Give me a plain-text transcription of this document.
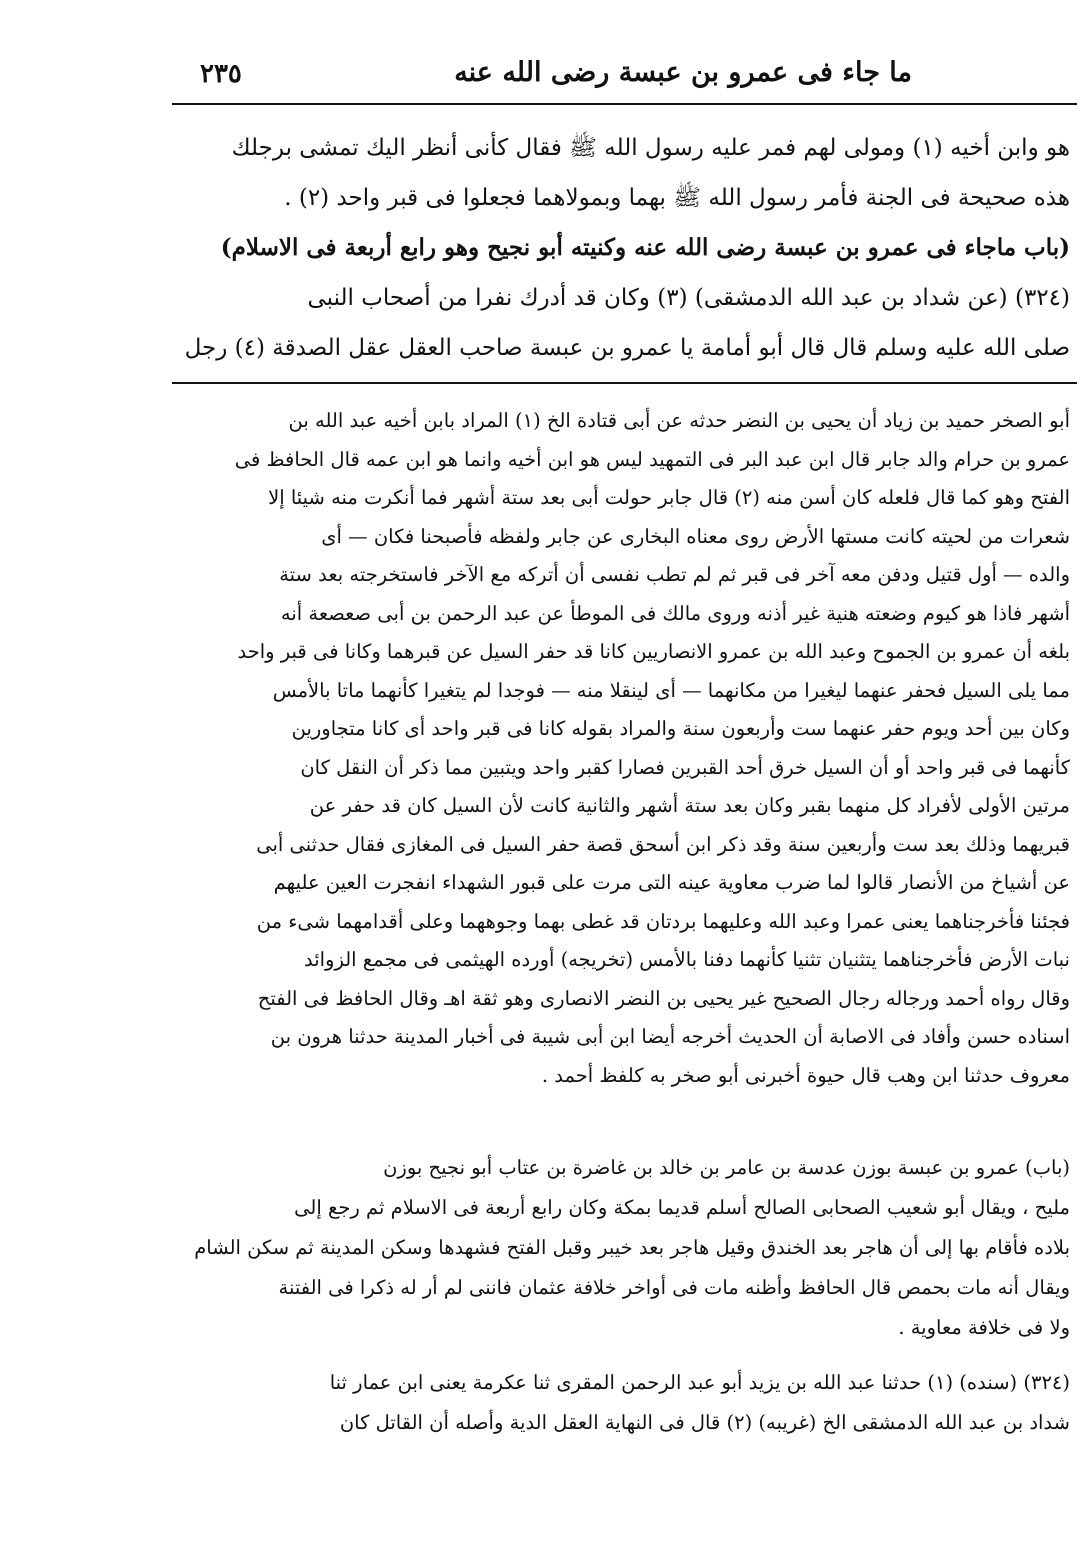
٢٣٥	ما جاء فى عمرو بن عبسة رضى الله عنه
هو وابن أخيه (١) ومولى لهم فمر عليه رسول الله ﷺ فقال كأنى أنظر اليك تمشى برجلك
هذه صحيحة فى الجنة فأمر رسول الله ﷺ بهما وبمولاهما فجعلوا فى قبر واحد (٢) .
(باب ماجاء فى عمرو بن عبسة رضى الله عنه وكنيته أبو نجيح وهو رابع أربعة فى الاسلام)
(٣٢٤) (عن شداد بن عبد الله الدمشقى) (٣) وكان قد أدرك نفرا من أصحاب النبى
صلى الله عليه وسلم قال قال أبو أمامة يا عمرو بن عبسة صاحب العقل عقل الصدقة (٤) رجل
أبو الصخر حميد بن زياد أن يحيى بن النضر حدثه عن أبى قتادة الخ (١) المراد بابن أخيه عبد الله بن
عمرو بن حرام والد جابر قال ابن عبد البر فى التمهيد ليس هو ابن أخيه وانما هو ابن عمه قال الحافظ فى
الفتح وهو كما قال فلعله كان أسن منه (٢) قال جابر حولت أبى بعد ستة أشهر فما أنكرت منه شيئا إلا
شعرات من لحيته كانت مستها الأرض روى معناه البخارى عن جابر ولفظه فأصبحنا فكان — أى
والده — أول قتيل ودفن معه آخر فى قبر ثم لم تطب نفسى أن أتركه مع الآخر فاستخرجته بعد ستة
أشهر فاذا هو كيوم وضعته هنية غير أذنه وروى مالك فى الموطأ عن عبد الرحمن بن أبى صعصعة أنه
بلغه أن عمرو بن الجموح وعبد الله بن عمرو الانصاريين كانا قد حفر السيل عن قبرهما وكانا فى قبر واحد
مما يلى السيل فحفر عنهما ليغيرا من مكانهما — أى لينقلا منه — فوجدا لم يتغيرا كأنهما ماتا بالأمس
وكان بين أحد ويوم حفر عنهما ست وأربعون سنة والمراد بقوله كانا فى قبر واحد أى كانا متجاورين
كأنهما فى قبر واحد أو أن السيل خرق أحد القبرين فصارا كقبر واحد ويتبين مما ذكر أن النقل كان
مرتين الأولى لأفراد كل منهما بقبر وكان بعد ستة أشهر والثانية كانت لأن السيل كان قد حفر عن
قبريهما وذلك بعد ست وأربعين سنة وقد ذكر ابن أسحق قصة حفر السيل فى المغازى فقال حدثنى أبى
عن أشياخ من الأنصار قالوا لما ضرب معاوية عينه التى مرت على قبور الشهداء انفجرت العين عليهم
فجئنا فأخرجناهما يعنى عمرا وعبد الله وعليهما بردتان قد غطى بهما وجوههما وعلى أقدامهما شىء من
نبات الأرض فأخرجناهما يتثنيان تثنيا كأنهما دفنا بالأمس (تخريجه) أورده الهيثمى فى مجمع الزوائد
وقال رواه أحمد ورجاله رجال الصحيح غير يحيى بن النضر الانصارى وهو ثقة اهـ وقال الحافظ فى الفتح
اسناده حسن وأفاد فى الاصابة أن الحديث أخرجه أيضا ابن أبى شيبة فى أخبار المدينة حدثنا هرون بن
معروف حدثنا ابن وهب قال حيوة أخبرنى أبو صخر به كلفظ أحمد .
(باب) عمرو بن عبسة بوزن عدسة بن عامر بن خالد بن غاضرة بن عتاب أبو نجيح بوزن
مليح ، ويقال أبو شعيب الصحابى الصالح أسلم قديما بمكة وكان رابع أربعة فى الاسلام ثم رجع إلى
بلاده فأقام بها إلى أن هاجر بعد الخندق وقيل هاجر بعد خيبر وقبل الفتح فشهدها وسكن المدينة ثم سكن الشام
ويقال أنه مات بحمص قال الحافظ وأظنه مات فى أواخر خلافة عثمان فاننى لم أر له ذكرا فى الفتنة
ولا فى خلافة معاوية .
(٣٢٤) (سنده) (١) حدثنا عبد الله بن يزيد أبو عبد الرحمن المقرى ثنا عكرمة يعنى ابن عمار ثنا
شداد بن عبد الله الدمشقى الخ (غريبه) (٢) قال فى النهاية العقل الدية وأصله أن القاتل كان
